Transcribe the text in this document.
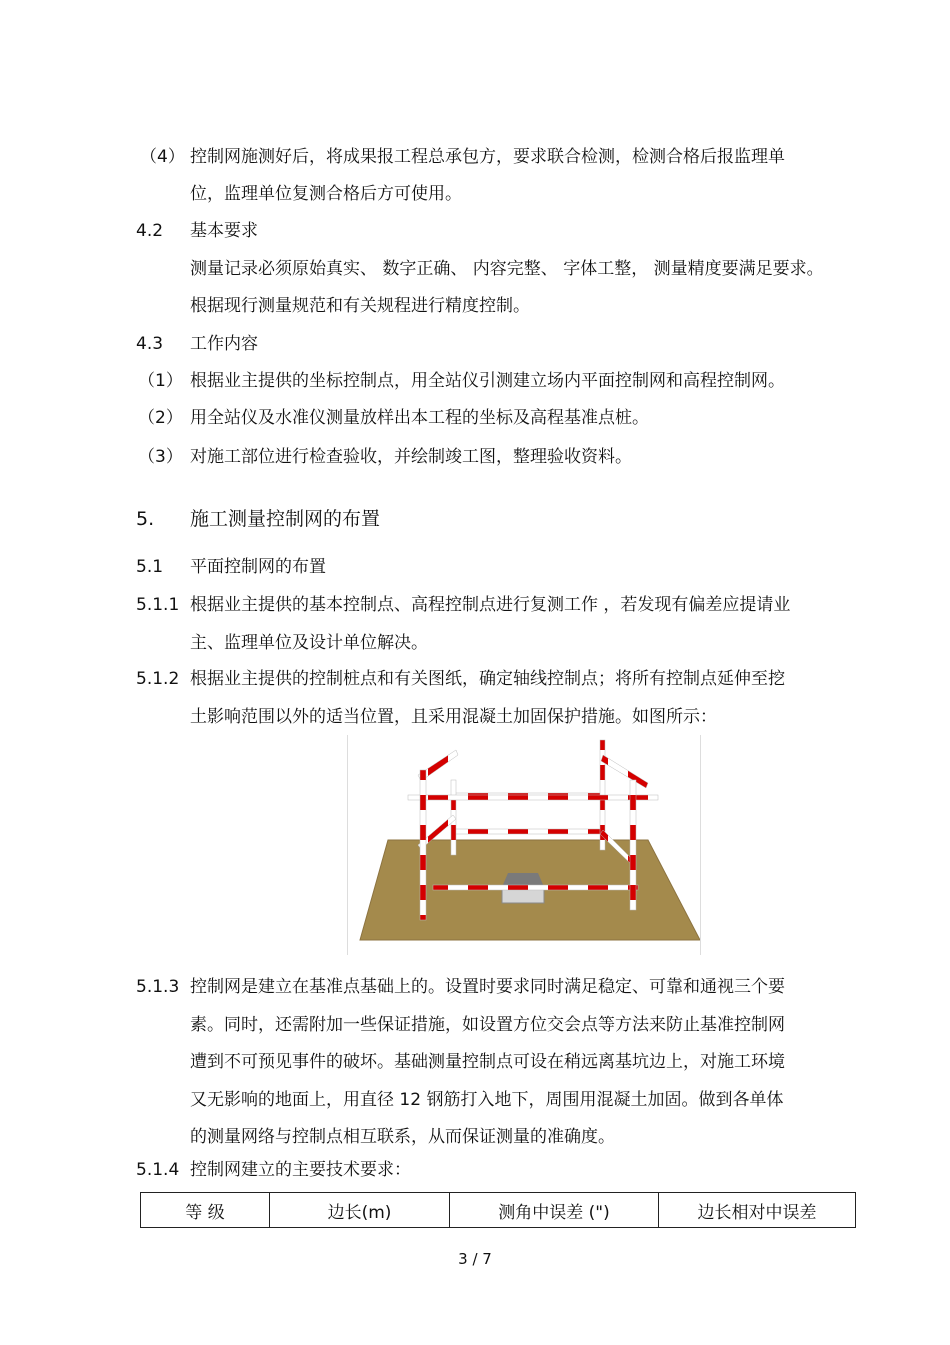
（4） 控制网施测好后，将成果报工程总承包方，要求联合检测，检测合格后报监理单
位，监理单位复测合格后方可使用。
4.2 基本要求
测量记录必须原始真实、 数字正确、 内容完整、 字体工整， 测量精度要满足要求。
根据现行测量规范和有关规程进行精度控制。
4.3 工作内容
（1） 根据业主提供的坐标控制点，用全站仪引测建立场内平面控制网和高程控制网。
（2） 用全站仪及水准仪测量放样出本工程的坐标及高程基准点桩。
（3） 对施工部位进行检查验收，并绘制竣工图，整理验收资料。
5. 施工测量控制网的布置
5.1 平面控制网的布置
5.1.1 根据业主提供的基本控制点、高程控制点进行复测工作 ，若发现有偏差应提请业
主、监理单位及设计单位解决。
5.1.2 根据业主提供的控制桩点和有关图纸，确定轴线控制点；将所有控制点延伸至挖
土影响范围以外的适当位置，且采用混凝土加固保护措施。如图所示：
5.1.3 控制网是建立在基准点基础上的。设置时要求同时满足稳定、可靠和通视三个要
素。同时，还需附加一些保证措施，如设置方位交会点等方法来防止基准控制网
遭到不可预见事件的破坏。基础测量控制点可设在稍远离基坑边上，对施工环境
又无影响的地面上，用直径 12 钢筋打入地下，周围用混凝土加固。做到各单体
的测量网络与控制点相互联系，从而保证测量的准确度。
5.1.4 控制网建立的主要技术要求：
等 级	边长(m)	测角中误差 (")	边长相对中误差
3 / 7
